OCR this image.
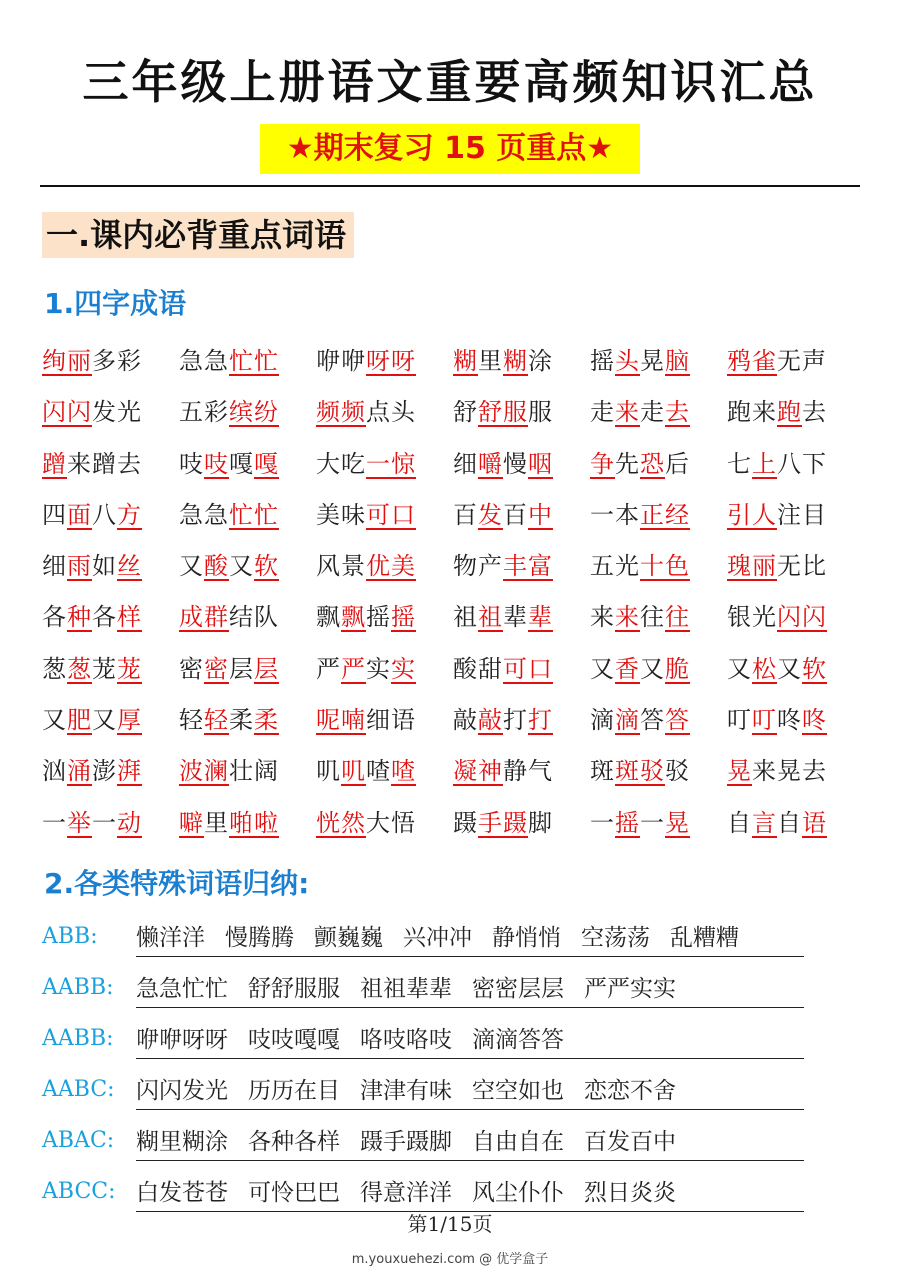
三年级上册语文重要高频知识汇总
★期末复习 15 页重点★
一.课内必背重点词语
1.四字成语
绚丽多彩	急急忙忙	咿咿呀呀	糊里糊涂	摇头晃脑	鸦雀无声
闪闪发光	五彩缤纷	频频点头	舒舒服服	走来走去	跑来跑去
蹭来蹭去	吱吱嘎嘎	大吃一惊	细嚼慢咽	争先恐后	七上八下
四面八方	急急忙忙	美味可口	百发百中	一本正经	引人注目
细雨如丝	又酸又软	风景优美	物产丰富	五光十色	瑰丽无比
各种各样	成群结队	飘飘摇摇	祖祖辈辈	来来往往	银光闪闪
葱葱茏茏	密密层层	严严实实	酸甜可口	又香又脆	又松又软
又肥又厚	轻轻柔柔	呢喃细语	敲敲打打	滴滴答答	叮叮咚咚
汹涌澎湃	波澜壮阔	叽叽喳喳	凝神静气	斑斑驳驳	晃来晃去
一举一动	噼里啪啦	恍然大悟	蹑手蹑脚	一摇一晃	自言自语
2.各类特殊词语归纳:
ABB: 懒洋洋 慢腾腾 颤巍巍 兴冲冲 静悄悄 空荡荡 乱糟糟
AABB: 急急忙忙 舒舒服服 祖祖辈辈 密密层层 严严实实
AABB: 咿咿呀呀 吱吱嘎嘎 咯吱咯吱 滴滴答答
AABC: 闪闪发光 历历在目 津津有味 空空如也 恋恋不舍
ABAC: 糊里糊涂 各种各样 蹑手蹑脚 自由自在 百发百中
ABCC: 白发苍苍 可怜巴巴 得意洋洋 风尘仆仆 烈日炎炎
第1/15页
m.youxuehezi.com @ 优学盒子
